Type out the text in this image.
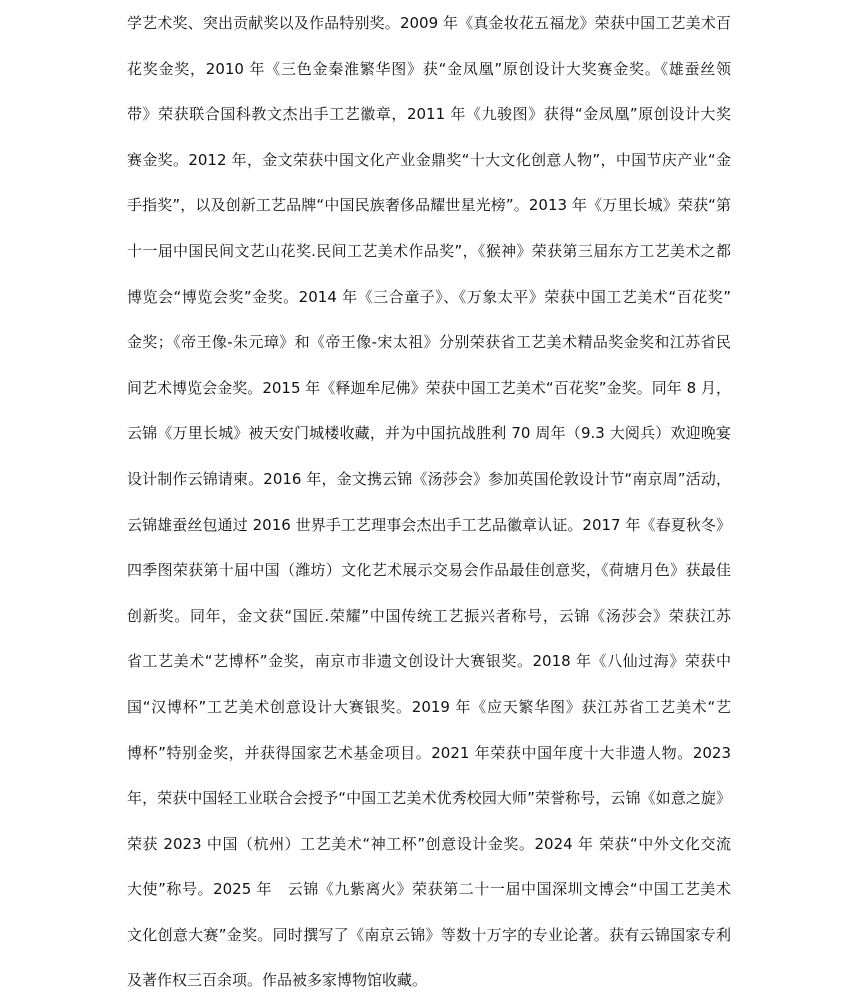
学艺术奖、突出贡献奖以及作品特别奖。2009 年《真金妆花五福龙》荣获中国工艺美术百
花奖金奖，2010 年《三色金秦淮繁华图》获“金凤凰”原创设计大奖赛金奖。《雄蚕丝领
带》荣获联合国科教文杰出手工艺徽章，2011 年《九骏图》获得“金凤凰”原创设计大奖
赛金奖。2012 年，金文荣获中国文化产业金鼎奖“十大文化创意人物”，中国节庆产业“金
手指奖”，以及创新工艺品牌“中国民族奢侈品耀世星光榜”。2013 年《万里长城》荣获“第
十一届中国民间文艺山花奖.民间工艺美术作品奖”，《猴神》荣获第三届东方工艺美术之都
博览会“博览会奖”金奖。2014 年《三合童子》、《万象太平》荣获中国工艺美术“百花奖”
金奖；《帝王像-朱元璋》和《帝王像-宋太祖》分别荣获省工艺美术精品奖金奖和江苏省民
间艺术博览会金奖。2015 年《释迦牟尼佛》荣获中国工艺美术“百花奖”金奖。同年 8 月，
云锦《万里长城》被天安门城楼收藏，并为中国抗战胜利 70 周年（9.3 大阅兵）欢迎晚宴
设计制作云锦请柬。2016 年，金文携云锦《汤莎会》参加英国伦敦设计节“南京周”活动，
云锦雄蚕丝包通过 2016 世界手工艺理事会杰出手工艺品徽章认证。2017 年《春夏秋冬》
四季图荣获第十届中国（潍坊）文化艺术展示交易会作品最佳创意奖，《荷塘月色》获最佳
创新奖。同年，金文获“国匠.荣耀”中国传统工艺振兴者称号，云锦《汤莎会》荣获江苏
省工艺美术“艺博杯”金奖，南京市非遗文创设计大赛银奖。2018 年《八仙过海》荣获中
国“汉博杯”工艺美术创意设计大赛银奖。2019 年《应天繁华图》获江苏省工艺美术“艺
博杯”特别金奖，并获得国家艺术基金项目。2021 年荣获中国年度十大非遗人物。2023
年，荣获中国轻工业联合会授予“中国工艺美术优秀校园大师”荣誉称号，云锦《如意之旋》
荣获 2023 中国（杭州）工艺美术“神工杯”创意设计金奖。2024 年 荣获“中外文化交流
大使”称号。2025 年　云锦《九紫离火》荣获第二十一届中国深圳文博会“中国工艺美术
文化创意大赛”金奖。同时撰写了《南京云锦》等数十万字的专业论著。获有云锦国家专利
及著作权三百余项。作品被多家博物馆收藏。
